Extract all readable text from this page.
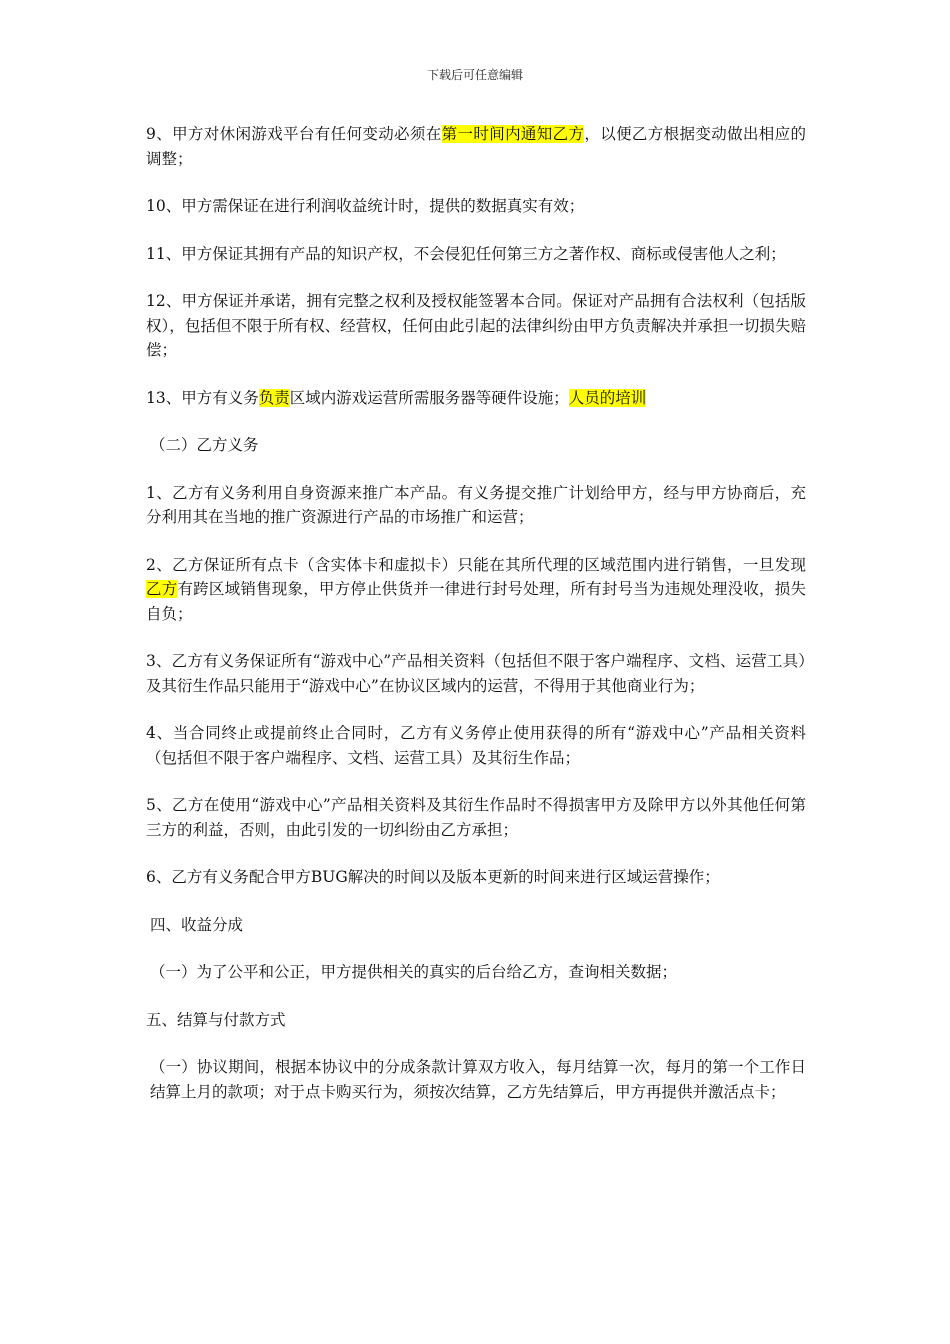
下载后可任意编辑

9、甲方对休闲游戏平台有任何变动必须在第一时间内通知乙方，以便乙方根据变动做出相应的调整；

10、甲方需保证在进行利润收益统计时，提供的数据真实有效；

11、甲方保证其拥有产品的知识产权，不会侵犯任何第三方之著作权、商标或侵害他人之利；

12、甲方保证并承诺，拥有完整之权利及授权能签署本合同。保证对产品拥有合法权利（包括版权），包括但不限于所有权、经营权，任何由此引起的法律纠纷由甲方负责解决并承担一切损失赔偿；

13、甲方有义务负责区域内游戏运营所需服务器等硬件设施；人员的培训

（二）乙方义务

1、乙方有义务利用自身资源来推广本产品。有义务提交推广计划给甲方，经与甲方协商后，充分利用其在当地的推广资源进行产品的市场推广和运营；

2、乙方保证所有点卡（含实体卡和虚拟卡）只能在其所代理的区域范围内进行销售，一旦发现乙方有跨区域销售现象，甲方停止供货并一律进行封号处理，所有封号当为违规处理没收，损失自负；

3、乙方有义务保证所有“游戏中心”产品相关资料（包括但不限于客户端程序、文档、运营工具）及其衍生作品只能用于“游戏中心”在协议区域内的运营，不得用于其他商业行为；

4、当合同终止或提前终止合同时，乙方有义务停止使用获得的所有“游戏中心”产品相关资料（包括但不限于客户端程序、文档、运营工具）及其衍生作品；

5、乙方在使用“游戏中心”产品相关资料及其衍生作品时不得损害甲方及除甲方以外其他任何第三方的利益，否则，由此引发的一切纠纷由乙方承担；

6、乙方有义务配合甲方BUG解决的时间以及版本更新的时间来进行区域运营操作；

四、收益分成

（一）为了公平和公正，甲方提供相关的真实的后台给乙方，查询相关数据；

五、结算与付款方式

（一）协议期间，根据本协议中的分成条款计算双方收入，每月结算一次，每月的第一个工作日结算上月的款项；对于点卡购买行为，须按次结算，乙方先结算后，甲方再提供并激活点卡；
